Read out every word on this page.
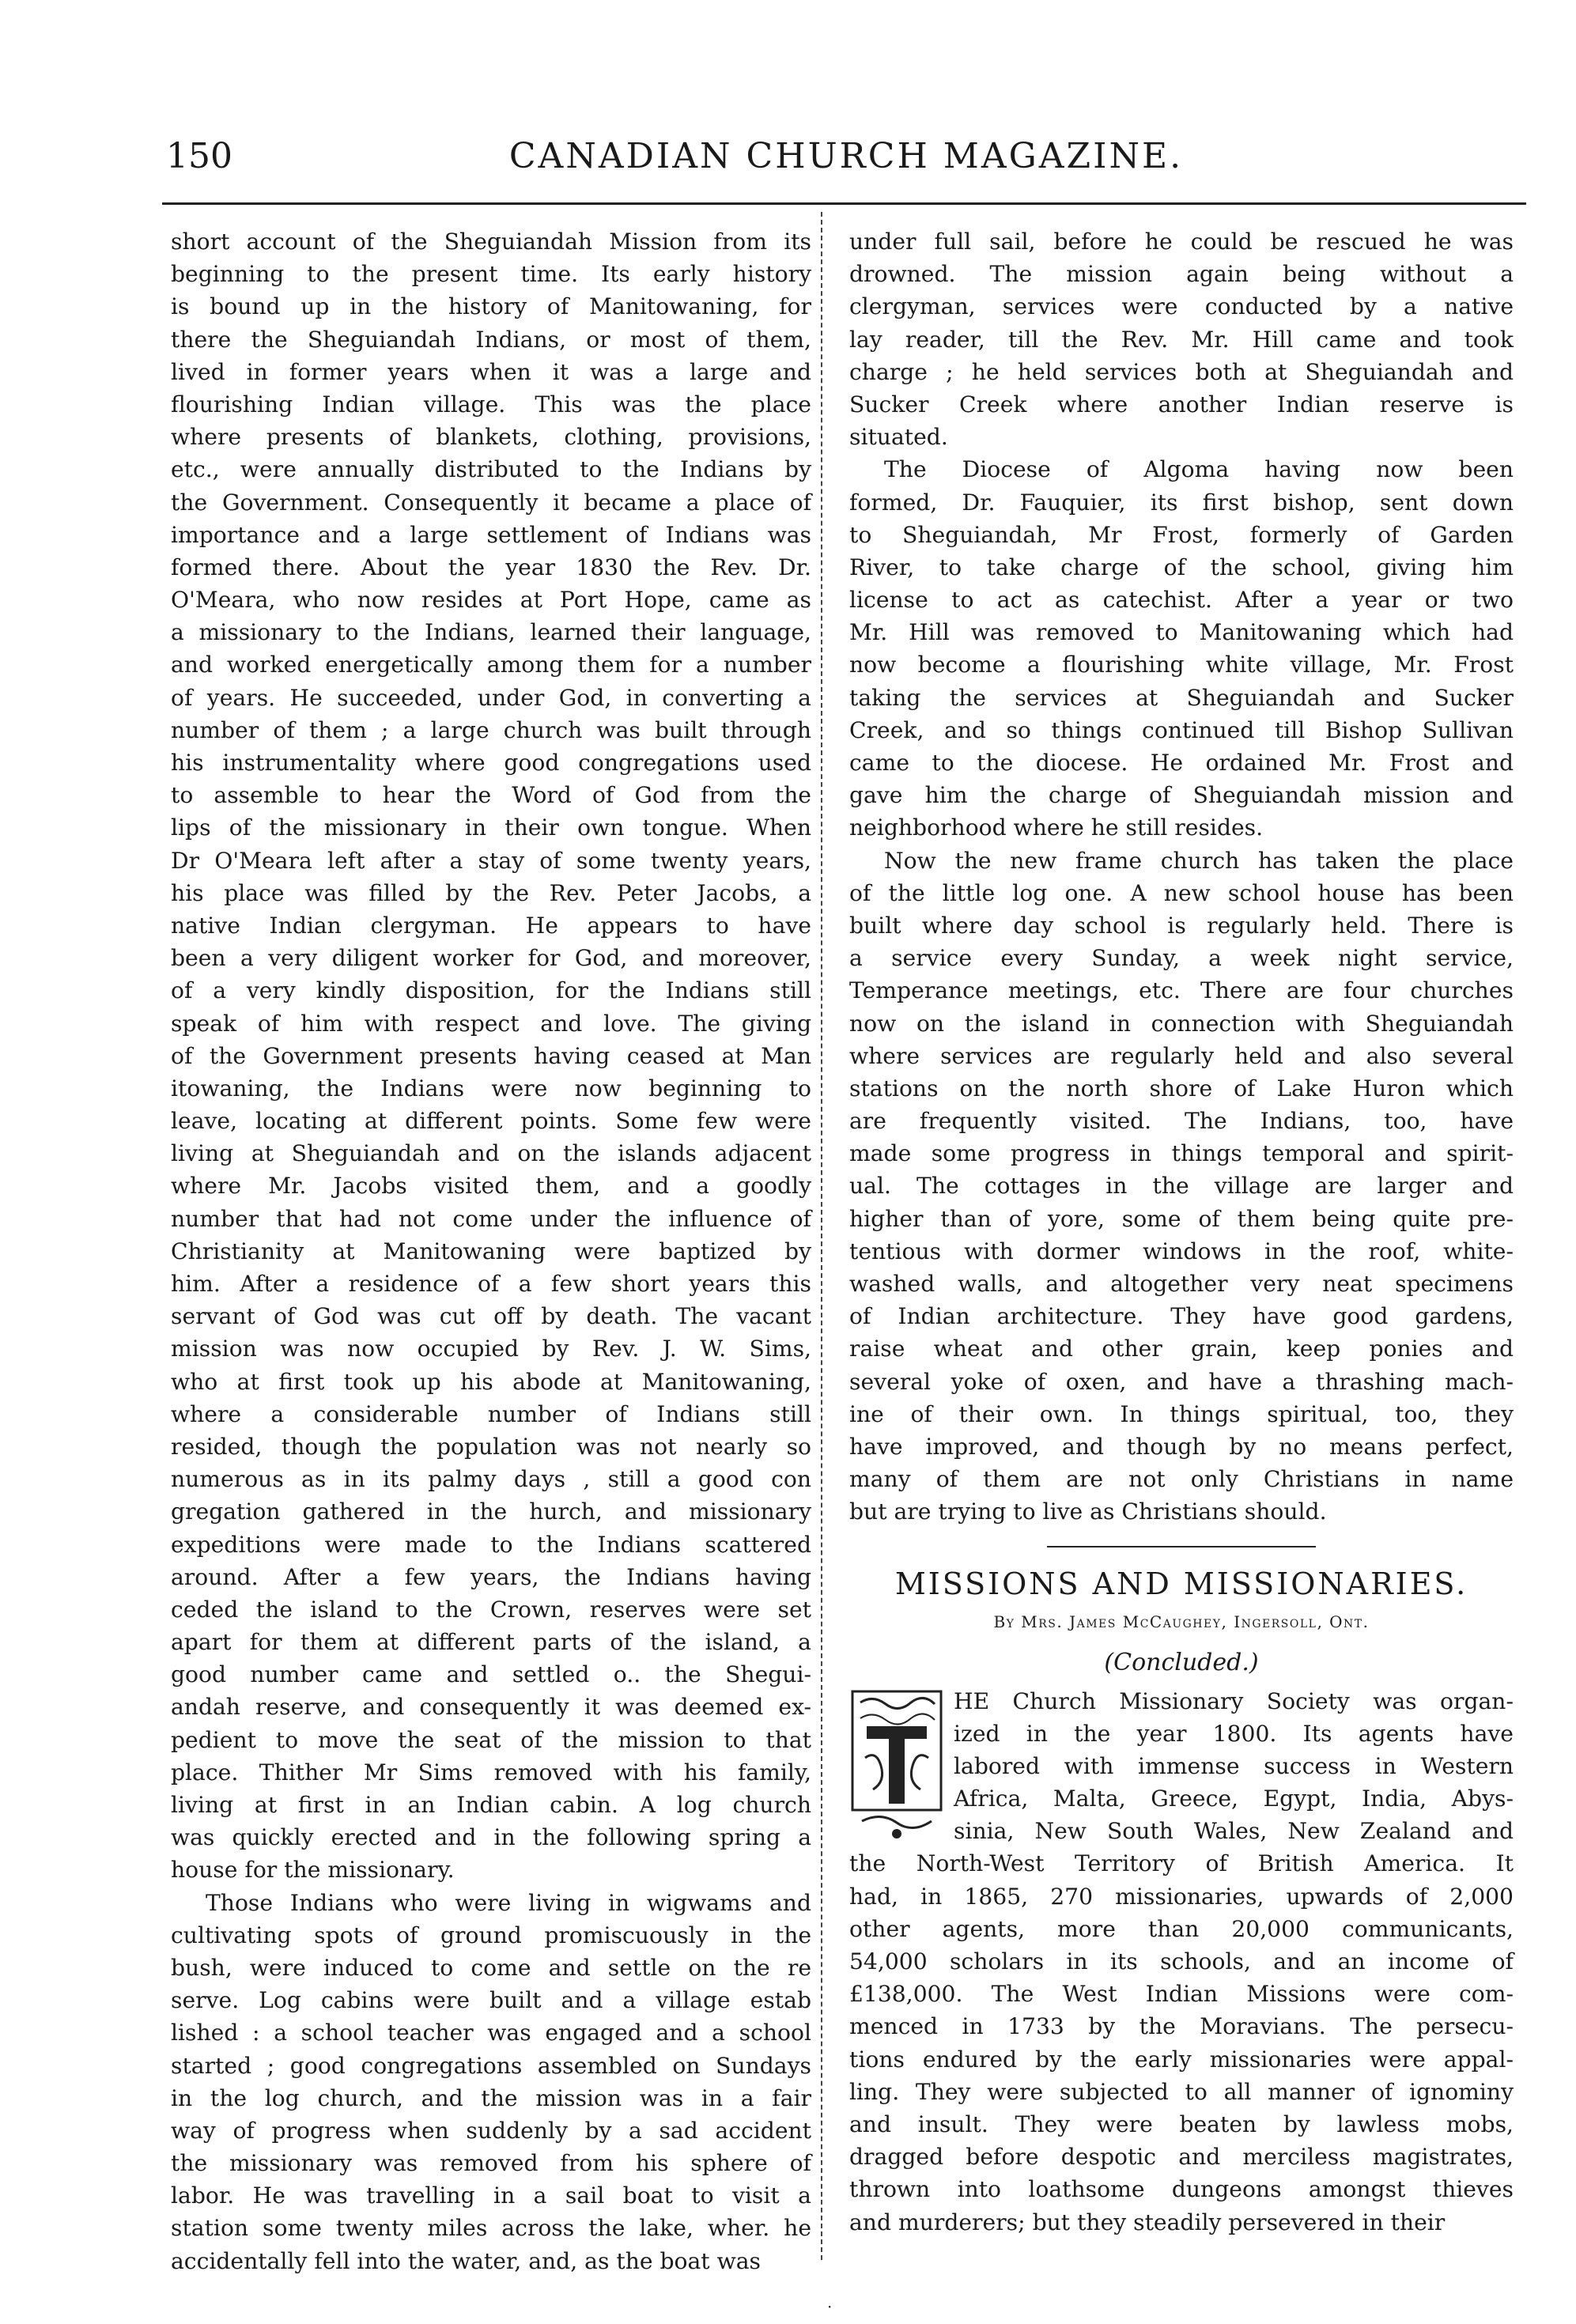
150	CANADIAN CHURCH MAGAZINE.
short account of the Sheguiandah Mission from its
beginning to the present time. Its early history
is bound up in the history of Manitowaning, for
there the Sheguiandah Indians, or most of them,
lived in former years when it was a large and
flourishing Indian village. This was the place
where presents of blankets, clothing, provisions,
etc., were annually distributed to the Indians by
the Government. Consequently it became a place of
importance and a large settlement of Indians was
formed there. About the year 1830 the Rev. Dr.
O'Meara, who now resides at Port Hope, came as
a missionary to the Indians, learned their language,
and worked energetically among them for a number
of years. He succeeded, under God, in converting a
number of them ; a large church was built through
his instrumentality where good congregations used
to assemble to hear the Word of God from the
lips of the missionary in their own tongue. When
Dr O'Meara left after a stay of some twenty years,
his place was filled by the Rev. Peter Jacobs, a
native Indian clergyman. He appears to have
been a very diligent worker for God, and moreover,
of a very kindly disposition, for the Indians still
speak of him with respect and love. The giving
of the Government presents having ceased at Man
itowaning, the Indians were now beginning to
leave, locating at different points. Some few were
living at Sheguiandah and on the islands adjacent
where Mr. Jacobs visited them, and a goodly
number that had not come under the influence of
Christianity at Manitowaning were baptized by
him. After a residence of a few short years this
servant of God was cut off by death. The vacant
mission was now occupied by Rev. J. W. Sims,
who at first took up his abode at Manitowaning,
where a considerable number of Indians still
resided, though the population was not nearly so
numerous as in its palmy days , still a good con
gregation gathered in the hurch, and missionary
expeditions were made to the Indians scattered
around. After a few years, the Indians having
ceded the island to the Crown, reserves were set
apart for them at different parts of the island, a
good number came and settled o.. the Shegui-
andah reserve, and consequently it was deemed ex-
pedient to move the seat of the mission to that
place. Thither Mr Sims removed with his family,
living at first in an Indian cabin. A log church
was quickly erected and in the following spring a
house for the missionary.
Those Indians who were living in wigwams and
cultivating spots of ground promiscuously in the
bush, were induced to come and settle on the re
serve. Log cabins were built and a village estab
lished : a school teacher was engaged and a school
started ; good congregations assembled on Sundays
in the log church, and the mission was in a fair
way of progress when suddenly by a sad accident
the missionary was removed from his sphere of
labor. He was travelling in a sail boat to visit a
station some twenty miles across the lake, wher. he
accidentally fell into the water, and, as the boat was
under full sail, before he could be rescued he was
drowned. The mission again being without a
clergyman, services were conducted by a native
lay reader, till the Rev. Mr. Hill came and took
charge ; he held services both at Sheguiandah and
Sucker Creek where another Indian reserve is
situated.
The Diocese of Algoma having now been
formed, Dr. Fauquier, its first bishop, sent down
to Sheguiandah, Mr Frost, formerly of Garden
River, to take charge of the school, giving him
license to act as catechist. After a year or two
Mr. Hill was removed to Manitowaning which had
now become a flourishing white village, Mr. Frost
taking the services at Sheguiandah and Sucker
Creek, and so things continued till Bishop Sullivan
came to the diocese. He ordained Mr. Frost and
gave him the charge of Sheguiandah mission and
neighborhood where he still resides.
Now the new frame church has taken the place
of the little log one. A new school house has been
built where day school is regularly held. There is
a service every Sunday, a week night service,
Temperance meetings, etc. There are four churches
now on the island in connection with Sheguiandah
where services are regularly held and also several
stations on the north shore of Lake Huron which
are frequently visited. The Indians, too, have
made some progress in things temporal and spirit-
ual. The cottages in the village are larger and
higher than of yore, some of them being quite pre-
tentious with dormer windows in the roof, white-
washed walls, and altogether very neat specimens
of Indian architecture. They have good gardens,
raise wheat and other grain, keep ponies and
several yoke of oxen, and have a thrashing mach-
ine of their own. In things spiritual, too, they
have improved, and though by no means perfect,
many of them are not only Christians in name
but are trying to live as Christians should.
MISSIONS AND MISSIONARIES.
By Mrs. James McCaughey, Ingersoll, Ont.
(Concluded.)
HE Church Missionary Society was organ-
ized in the year 1800. Its agents have
labored with immense success in Western
Africa, Malta, Greece, Egypt, India, Abys-
sinia, New South Wales, New Zealand and
the North-West Territory of British America. It
had, in 1865, 270 missionaries, upwards of 2,000
other agents, more than 20,000 communicants,
54,000 scholars in its schools, and an income of
£138,000. The West Indian Missions were com-
menced in 1733 by the Moravians. The persecu-
tions endured by the early missionaries were appal-
ling. They were subjected to all manner of ignominy
and insult. They were beaten by lawless mobs,
dragged before despotic and merciless magistrates,
thrown into loathsome dungeons amongst thieves
and murderers; but they steadily persevered in their
·
